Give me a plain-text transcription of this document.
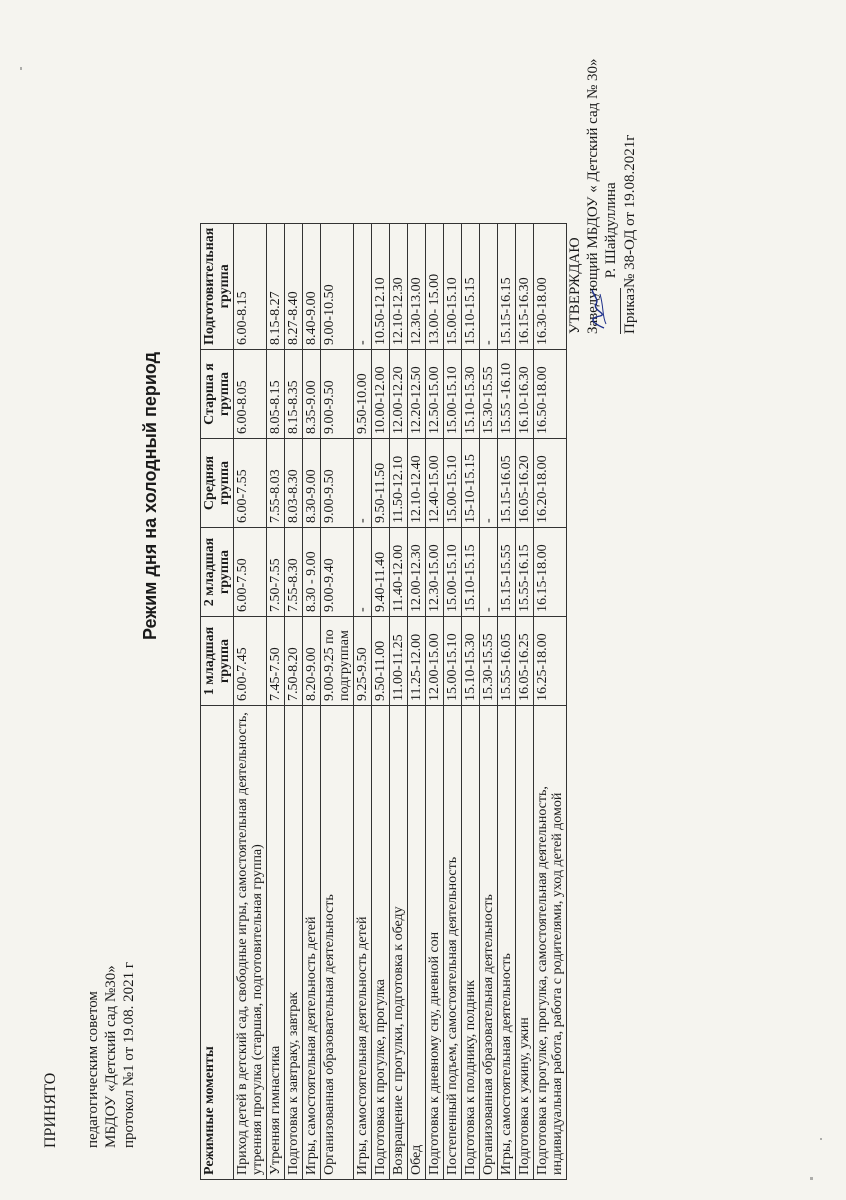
ПРИНЯТО педагогическим советом МБДОУ «Детский сад №30» протокол №1 от 19.08. 2021 г
УТВЕРЖДАЮ Заведующий МБДОУ « Детский сад № 30»
Р. Шайдуллина Приказ№ 38-ОД от 19.08.2021г
Режим дня на холодный период
Режимные моменты	1 младшая группа	2 младшая группа	Средняя группа	Старша я группа	Подготовительная группа
Приход детей в детский сад, свободные игры, самостоятельная деятельность, утренняя прогулка (старшая, подготовительная группа)	6.00-7.45	6.00-7.50	6.00-7.55	6.00-8.05	6.00-8.15
Утренняя гимнастика	7.45-7.50	7.50-7.55	7.55-8.03	8.05-8.15	8.15-8.27
Подготовка к завтраку, завтрак	7.50-8.20	7.55-8.30	8.03-8.30	8.15-8.35	8.27-8.40
Игры, самостоятельная деятельность детей	8.20-9.00	8.30 - 9.00	8.30-9.00	8.35-9.00	8.40-9.00
Организованная образовательная деятельность	9.00-9.25 по подгруппам	9.00-9.40	9.00-9.50	9.00-9.50	9.00-10.50
Игры, самостоятельная деятельность детей	9.25-9.50	-	-	9.50-10.00	-
Подготовка к прогулке, прогулка	9.50-11.00	9.40-11.40	9.50-11.50	10.00-12.00	10.50-12.10
Возвращение с прогулки, подготовка к обеду	11.00-11.25	11.40-12.00	11.50-12.10	12.00-12.20	12.10-12.30
Обед	11.25-12.00	12.00-12.30	12.10-12.40	12.20-12.50	12.30-13.00
Подготовка к дневному сну, дневной сон	12.00-15.00	12.30-15.00	12.40-15.00	12.50-15.00	13.00- 15.00
Постепенный подъем, самостоятельная деятельность	15.00-15.10	15.00-15.10	15.00-15.10	15.00-15.10	15.00-15.10
Подготовка к полднику, полдник	15.10-15.30	15.10-15.15	15-10-15.15	15.10-15.30	15.10-15.15
Организованная образовательная деятельность	15.30-15.55	-	-	15.30-15.55	-
Игры, самостоятельная деятельность	15.55-16.05	15.15-15.55	15.15-16.05	15.55 -16.10	15.15-16.15
Подготовка к ужину, ужин	16.05-16.25	15.55-16.15	16.05-16.20	16.10-16.30	16.15-16.30
Подготовка к прогулке, прогулка, самостоятельная деятельность, индивидуальная работа, работа с родителями, уход детей домой	16.25-18.00	16.15-18.00	16.20-18.00	16.50-18.00	16.30-18.00
